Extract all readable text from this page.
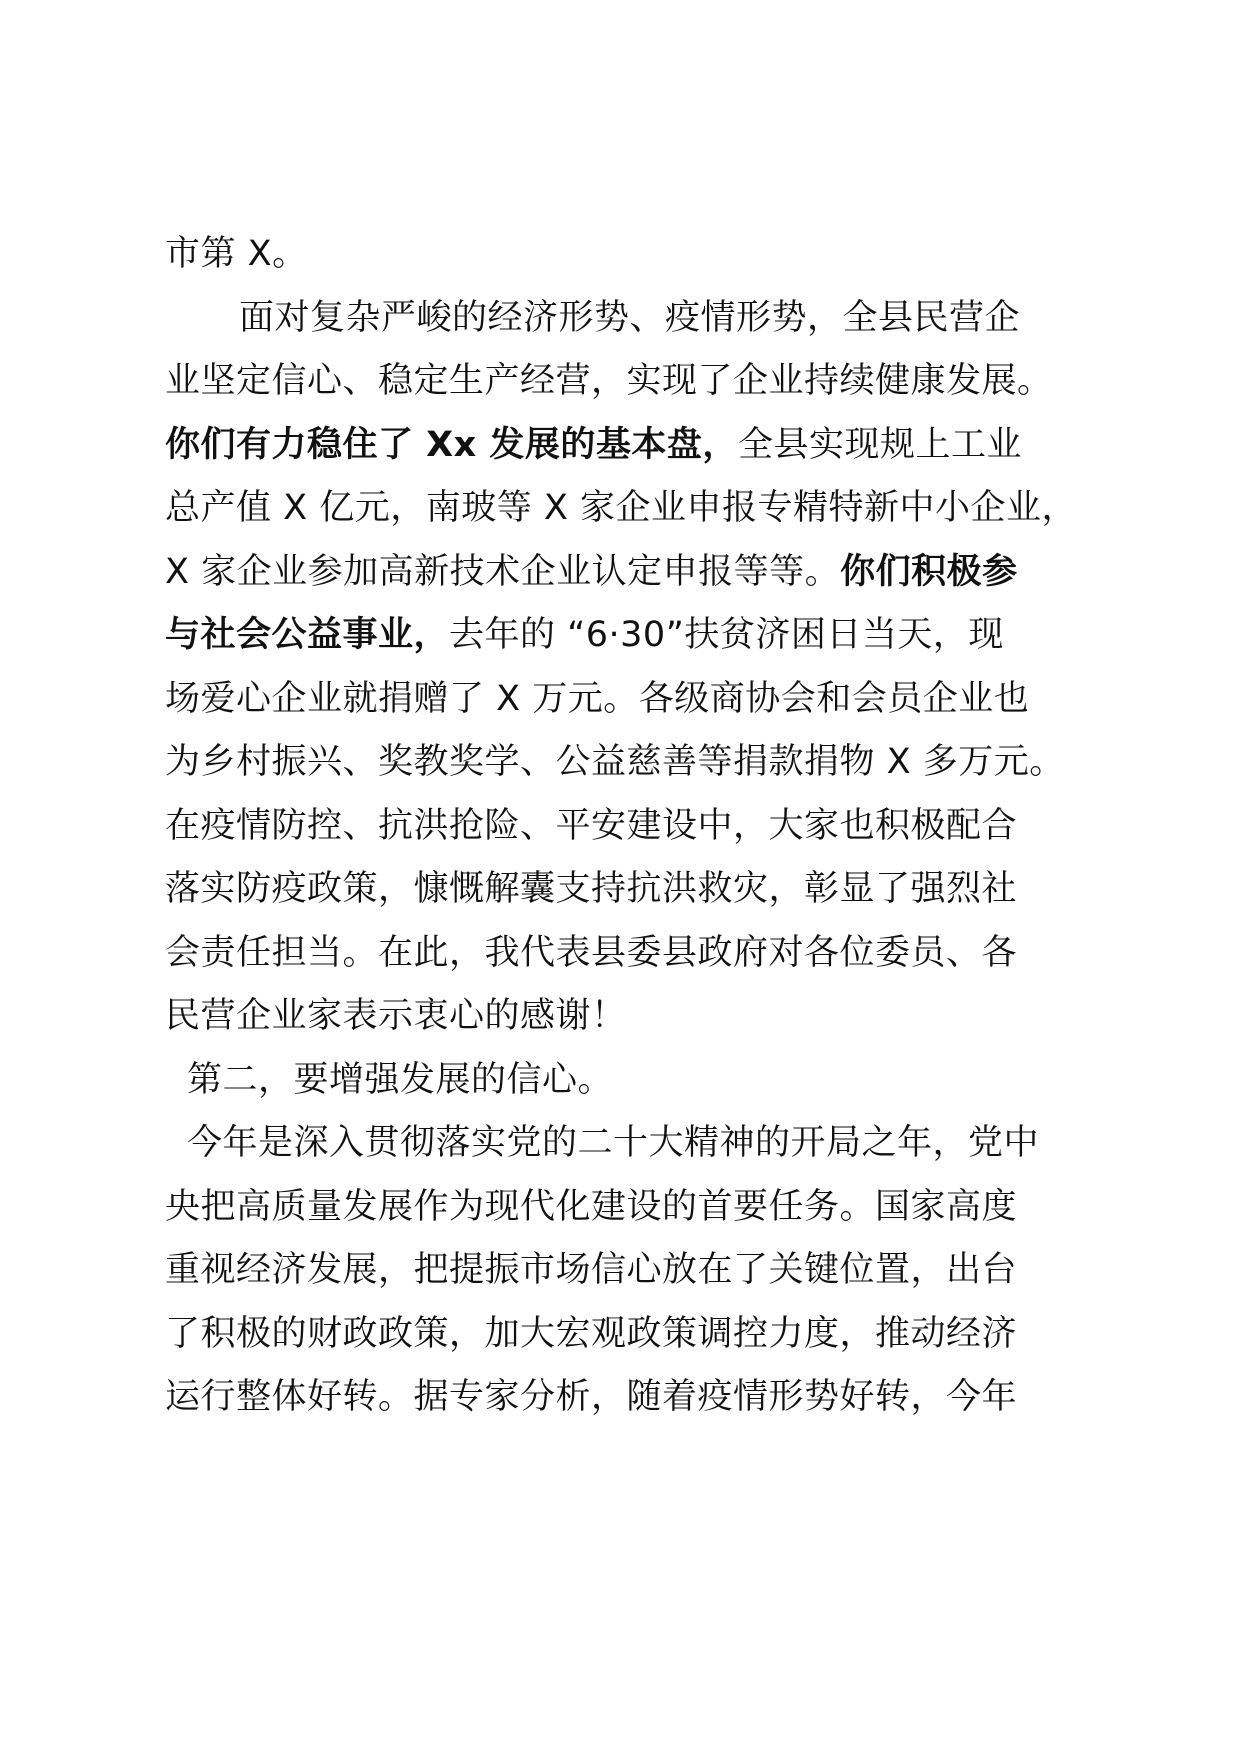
市第 X。
面对复杂严峻的经济形势、疫情形势，全县民营企
业坚定信心、稳定生产经营，实现了企业持续健康发展。
你们有力稳住了 Xx 发展的基本盘，全县实现规上工业
总产值 X 亿元，南玻等 X 家企业申报专精特新中小企业，
X 家企业参加高新技术企业认定申报等等。你们积极参
与社会公益事业，去年的 “6·30”扶贫济困日当天，现
场爱心企业就捐赠了 X 万元。各级商协会和会员企业也
为乡村振兴、奖教奖学、公益慈善等捐款捐物 X 多万元。
在疫情防控、抗洪抢险、平安建设中，大家也积极配合
落实防疫政策，慷慨解囊支持抗洪救灾，彰显了强烈社
会责任担当。在此，我代表县委县政府对各位委员、各
民营企业家表示衷心的感谢！
第二，要增强发展的信心。
今年是深入贯彻落实党的二十大精神的开局之年，党中
央把高质量发展作为现代化建设的首要任务。国家高度
重视经济发展，把提振市场信心放在了关键位置，出台
了积极的财政政策，加大宏观政策调控力度，推动经济
运行整体好转。据专家分析，随着疫情形势好转，今年
